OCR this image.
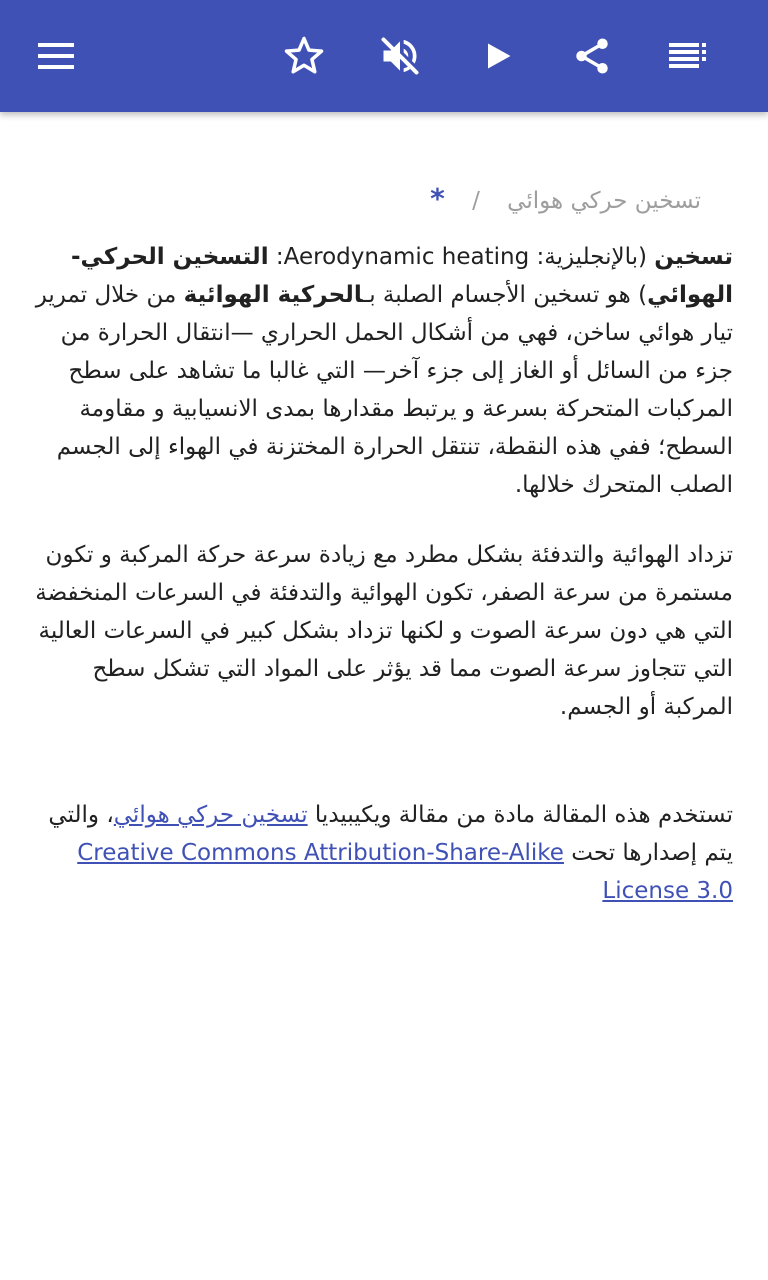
تسخين حركي هوائي / *

تسخين (بالإنجليزية: Aerodynamic heating: التسخين الحركي-الهوائي) هو تسخين الأجسام الصلبة بـالحركية الهوائية من خلال تمرير تيار هوائي ساخن، فهي من أشكال الحمل الحراري —انتقال الحرارة من جزء من السائل أو الغاز إلى جزء آخر— التي غالبا ما تشاهد على سطح المركبات المتحركة بسرعة و يرتبط مقدارها بمدى الانسيابية و مقاومة السطح؛ ففي هذه النقطة، تنتقل الحرارة المختزنة في الهواء إلى الجسم الصلب المتحرك خلالها.

تزداد الهوائية والتدفئة بشكل مطرد مع زيادة سرعة حركة المركبة و تكون مستمرة من سرعة الصفر، تكون الهوائية والتدفئة في السرعات المنخفضة التي هي دون سرعة الصوت و لكنها تزداد بشكل كبير في السرعات العالية التي تتجاوز سرعة الصوت مما قد يؤثر على المواد التي تشكل سطح المركبة أو الجسم.

تستخدم هذه المقالة مادة من مقالة ويكيبيديا تسخين حركي هوائي، والتي يتم إصدارها تحت Creative Commons Attribution-Share-Alike License 3.0
